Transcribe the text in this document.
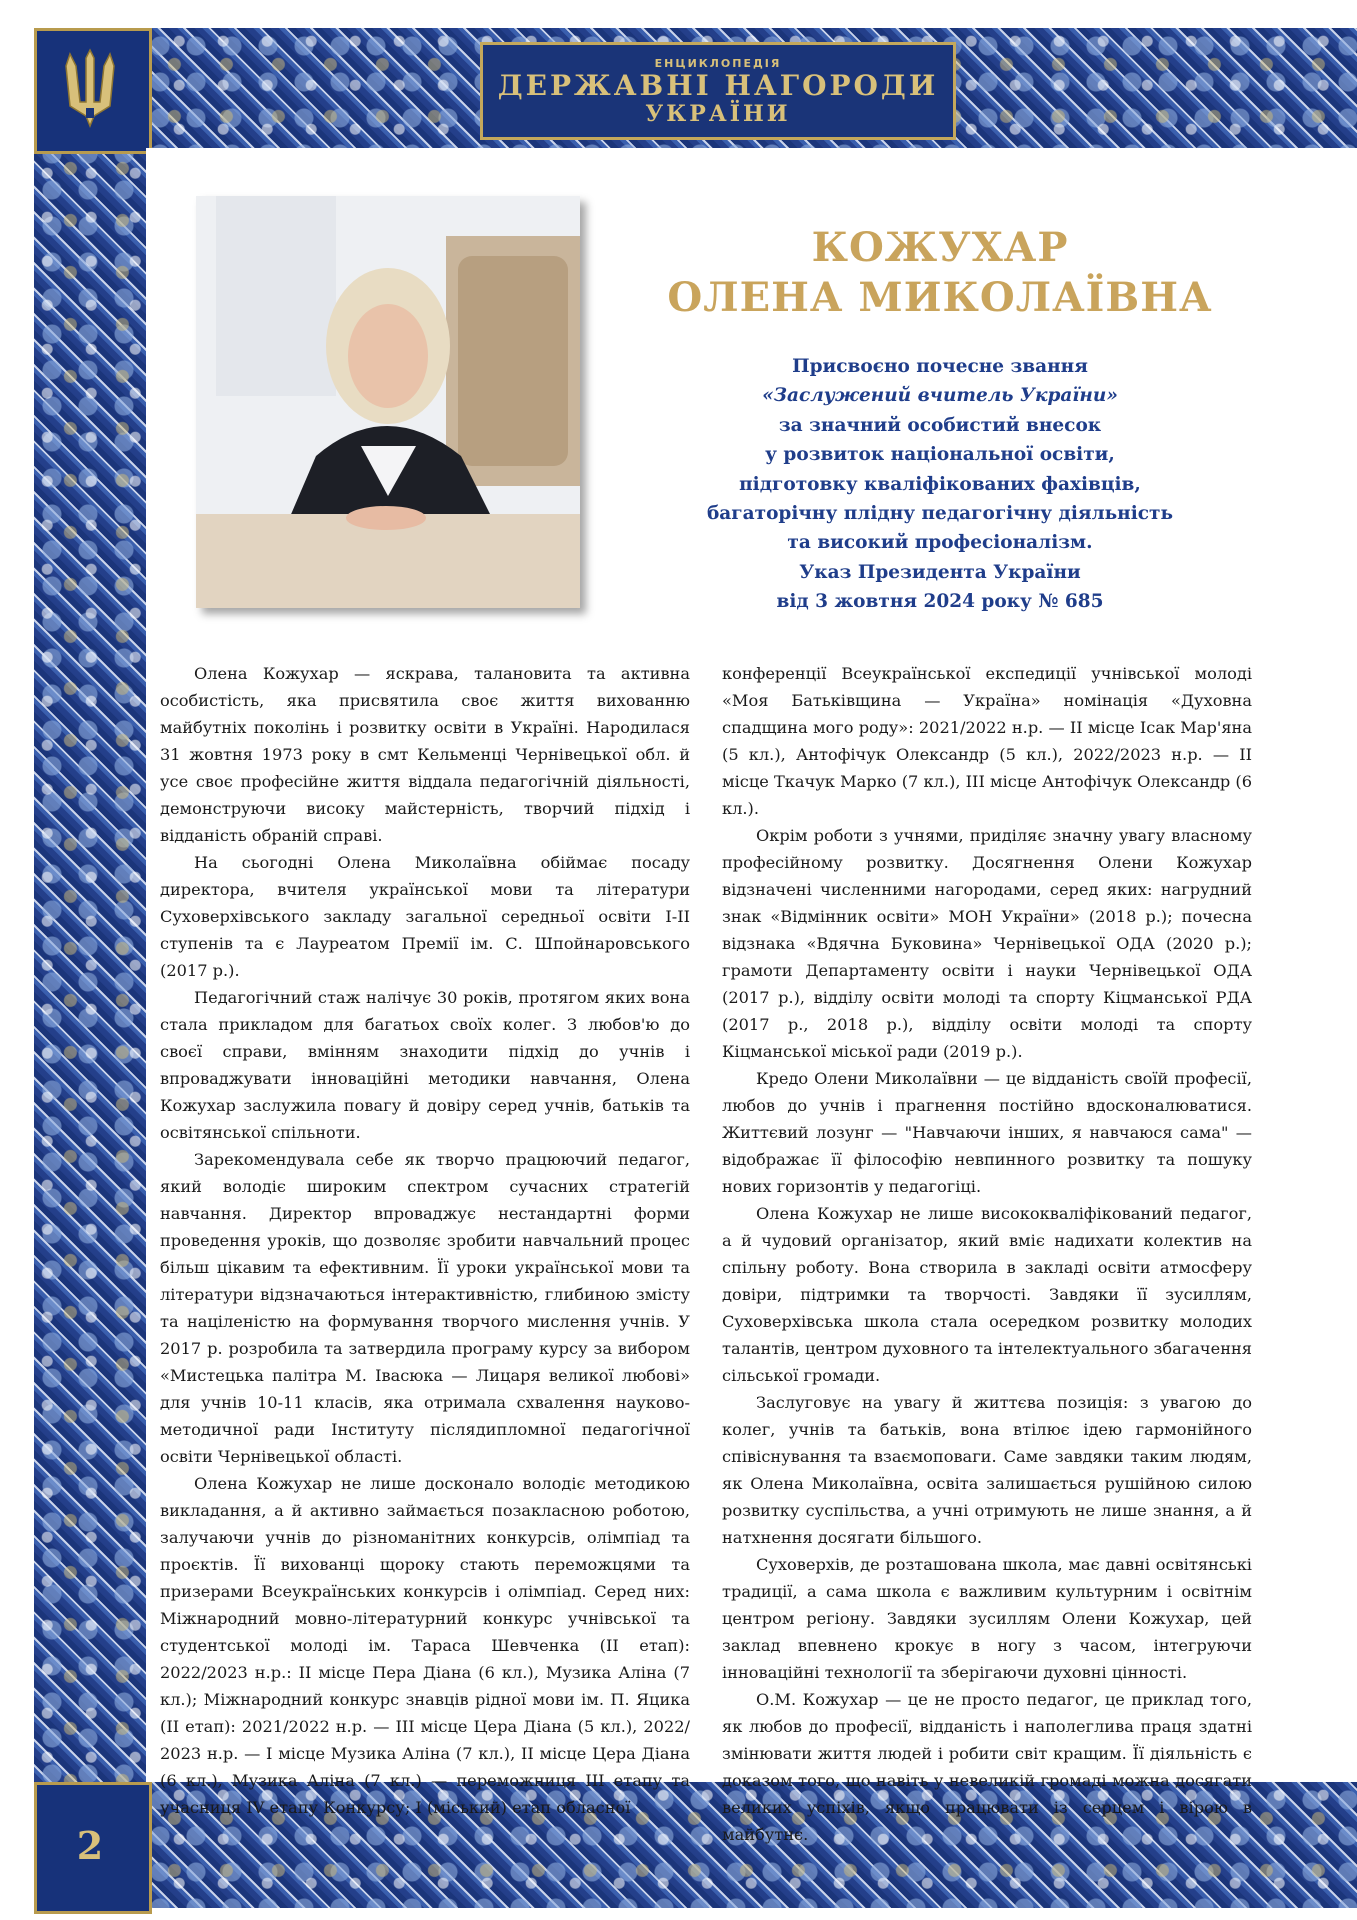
ЕНЦИКЛОПЕДІЯ
ДЕРЖАВНІ НАГОРОДИ
УКРАЇНИ
2
КОЖУХАР
ОЛЕНА МИКОЛАЇВНА
Присвоєно почесне звання
«Заслужений вчитель України»
за значний особистий внесок
у розвиток національної освіти,
підготовку кваліфікованих фахівців,
багаторічну плідну педагогічну діяльність
та високий професіоналізм.
Указ Президента України
від 3 жовтня 2024 року № 685

Олена Кожухар — яскрава, талановита та активна особистість, яка присвятила своє життя вихованню майбутніх поколінь і розвитку освіти в Україні. Народилася 31 жовтня 1973 року в смт Кельменці Чернівецької обл. й усе своє професійне життя віддала педагогічній діяльності, демонструючи високу майстерність, творчий підхід і відданість обраній справі.

На сьогодні Олена Миколаївна обіймає посаду директора, вчителя української мови та літератури Суховерхівського закладу загальної середньої освіти I-II ступенів та є Лауреатом Премії ім. С. Шпойнаровського (2017 р.).

Педагогічний стаж налічує 30 років, протягом яких вона стала прикладом для багатьох своїх колег. З любов'ю до своєї справи, вмінням знаходити підхід до учнів і впроваджувати інноваційні методики навчання, Олена Кожухар заслужила повагу й довіру серед учнів, батьків та освітянської спільноти.

Зарекомендувала себе як творчо працюючий педагог, який володіє широким спектром сучасних стратегій навчання. Директор впроваджує нестандартні форми проведення уроків, що дозволяє зробити навчальний процес більш цікавим та ефективним. Її уроки української мови та літератури відзначаються інтерактивністю, глибиною змісту та націленістю на формування творчого мислення учнів. У 2017 р. розробила та затвердила програму курсу за вибором «Мистецька палітра М. Івасюка — Лицаря великої любові» для учнів 10-11 класів, яка отримала схвалення науково-методичної ради Інституту післядипломної педагогічної освіти Чернівецької області.

Олена Кожухар не лише досконало володіє методикою викладання, а й активно займається позакласною роботою, залучаючи учнів до різноманітних конкурсів, олімпіад та проєктів. Її вихованці щороку стають переможцями та призерами Всеукраїнських конкурсів і олімпіад. Серед них: Міжнародний мовно-літературний конкурс учнівської та студентської молоді ім. Тараса Шевченка (II етап): 2022/2023 н.р.: II місце Пера Діана (6 кл.), Музика Аліна (7 кл.); Міжнародний конкурс знавців рідної мови ім. П. Яцика (II етап): 2021/2022 н.р. — III місце Цера Діана (5 кл.), 2022/ 2023 н.р. — I місце Музика Аліна (7 кл.), II місце Цера Діана (6 кл.), Музика Аліна (7 кл.) — переможниця III етапу та учасниця IV етапу Конкурсу; I (міський) етап обласної

конференції Всеукраїнської експедиції учнівської молоді «Моя Батьківщина — Україна» номінація «Духовна спадщина мого роду»: 2021/2022 н.р. — II місце Ісак Мар'яна (5 кл.), Антофічук Олександр (5 кл.), 2022/2023 н.р. — II місце Ткачук Марко (7 кл.), III місце Антофічук Олександр (6 кл.).

Окрім роботи з учнями, приділяє значну увагу власному професійному розвитку. Досягнення Олени Кожухар відзначені численними нагородами, серед яких: нагрудний знак «Відмінник освіти» МОН України» (2018 р.); почесна відзнака «Вдячна Буковина» Чернівецької ОДА (2020 р.); грамоти Департаменту освіти і науки Чернівецької ОДА (2017 р.), відділу освіти молоді та спорту Кіцманської РДА (2017 р., 2018 р.), відділу освіти молоді та спорту Кіцманської міської ради (2019 р.).

Кредо Олени Миколаївни — це відданість своїй професії, любов до учнів і прагнення постійно вдосконалюватися. Життєвий лозунг — "Навчаючи інших, я навчаюся сама" — відображає її філософію невпинного розвитку та пошуку нових горизонтів у педагогіці.

Олена Кожухар не лише висококваліфікований педагог, а й чудовий організатор, який вміє надихати колектив на спільну роботу. Вона створила в закладі освіти атмосферу довіри, підтримки та творчості. Завдяки її зусиллям, Суховерхівська школа стала осередком розвитку молодих талантів, центром духовного та інтелектуального збагачення сільської громади.

Заслуговує на увагу й життєва позиція: з увагою до колег, учнів та батьків, вона втілює ідею гармонійного співіснування та взаємоповаги. Саме завдяки таким людям, як Олена Миколаївна, освіта залишається рушійною силою розвитку суспільства, а учні отримують не лише знання, а й натхнення досягати більшого.

Суховерхів, де розташована школа, має давні освітянські традиції, а сама школа є важливим культурним і освітнім центром регіону. Завдяки зусиллям Олени Кожухар, цей заклад впевнено крокує в ногу з часом, інтегруючи інноваційні технології та зберігаючи духовні цінності.

О.М. Кожухар — це не просто педагог, це приклад того, як любов до професії, відданість і наполеглива праця здатні змінювати життя людей і робити світ кращим. Її діяльність є доказом того, що навіть у невеликій громаді можна досягати великих успіхів, якщо працювати із серцем і вірою в майбутнє.
